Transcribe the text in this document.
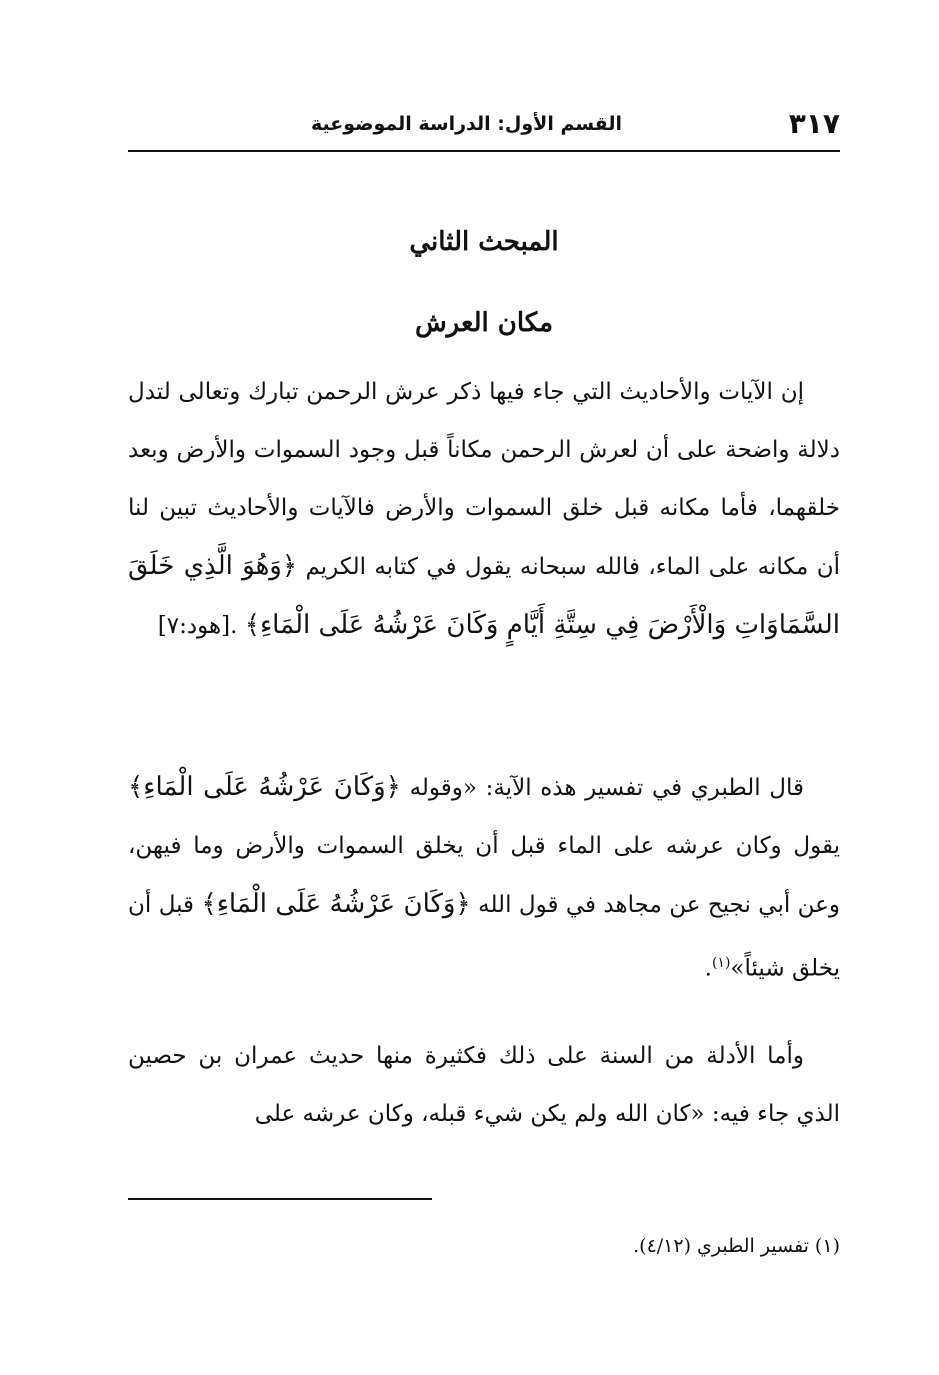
٣١٧
القسم الأول: الدراسة الموضوعية
المبحث الثاني
مكان العرش

إن الآيات والأحاديث التي جاء فيها ذكر عرش الرحمن تبارك وتعالى لتدل دلالة واضحة على أن لعرش الرحمن مكاناً قبل وجود السموات والأرض وبعد خلقهما، فأما مكانه قبل خلق السموات والأرض فالآيات والأحاديث تبين لنا أن مكانه على الماء، فالله سبحانه يقول في كتابه الكريم ﴿وَهُوَ الَّذِي خَلَقَ السَّمَاوَاتِ وَالْأَرْضَ فِي سِتَّةِ أَيَّامٍ وَكَانَ عَرْشُهُ عَلَى الْمَاءِ﴾ .[هود:٧]

قال الطبري في تفسير هذه الآية: «وقوله ﴿وَكَانَ عَرْشُهُ عَلَى الْمَاءِ﴾ يقول وكان عرشه على الماء قبل أن يخلق السموات والأرض وما فيهن، وعن أبي نجيح عن مجاهد في قول الله ﴿وَكَانَ عَرْشُهُ عَلَى الْمَاءِ﴾ قبل أن يخلق شيئاً»$^{(١)}$.

وأما الأدلة من السنة على ذلك فكثيرة منها حديث عمران بن حصين الذي جاء فيه: «كان الله ولم يكن شيء قبله، وكان عرشه على

(١) تفسير الطبري (٤/١٢).
